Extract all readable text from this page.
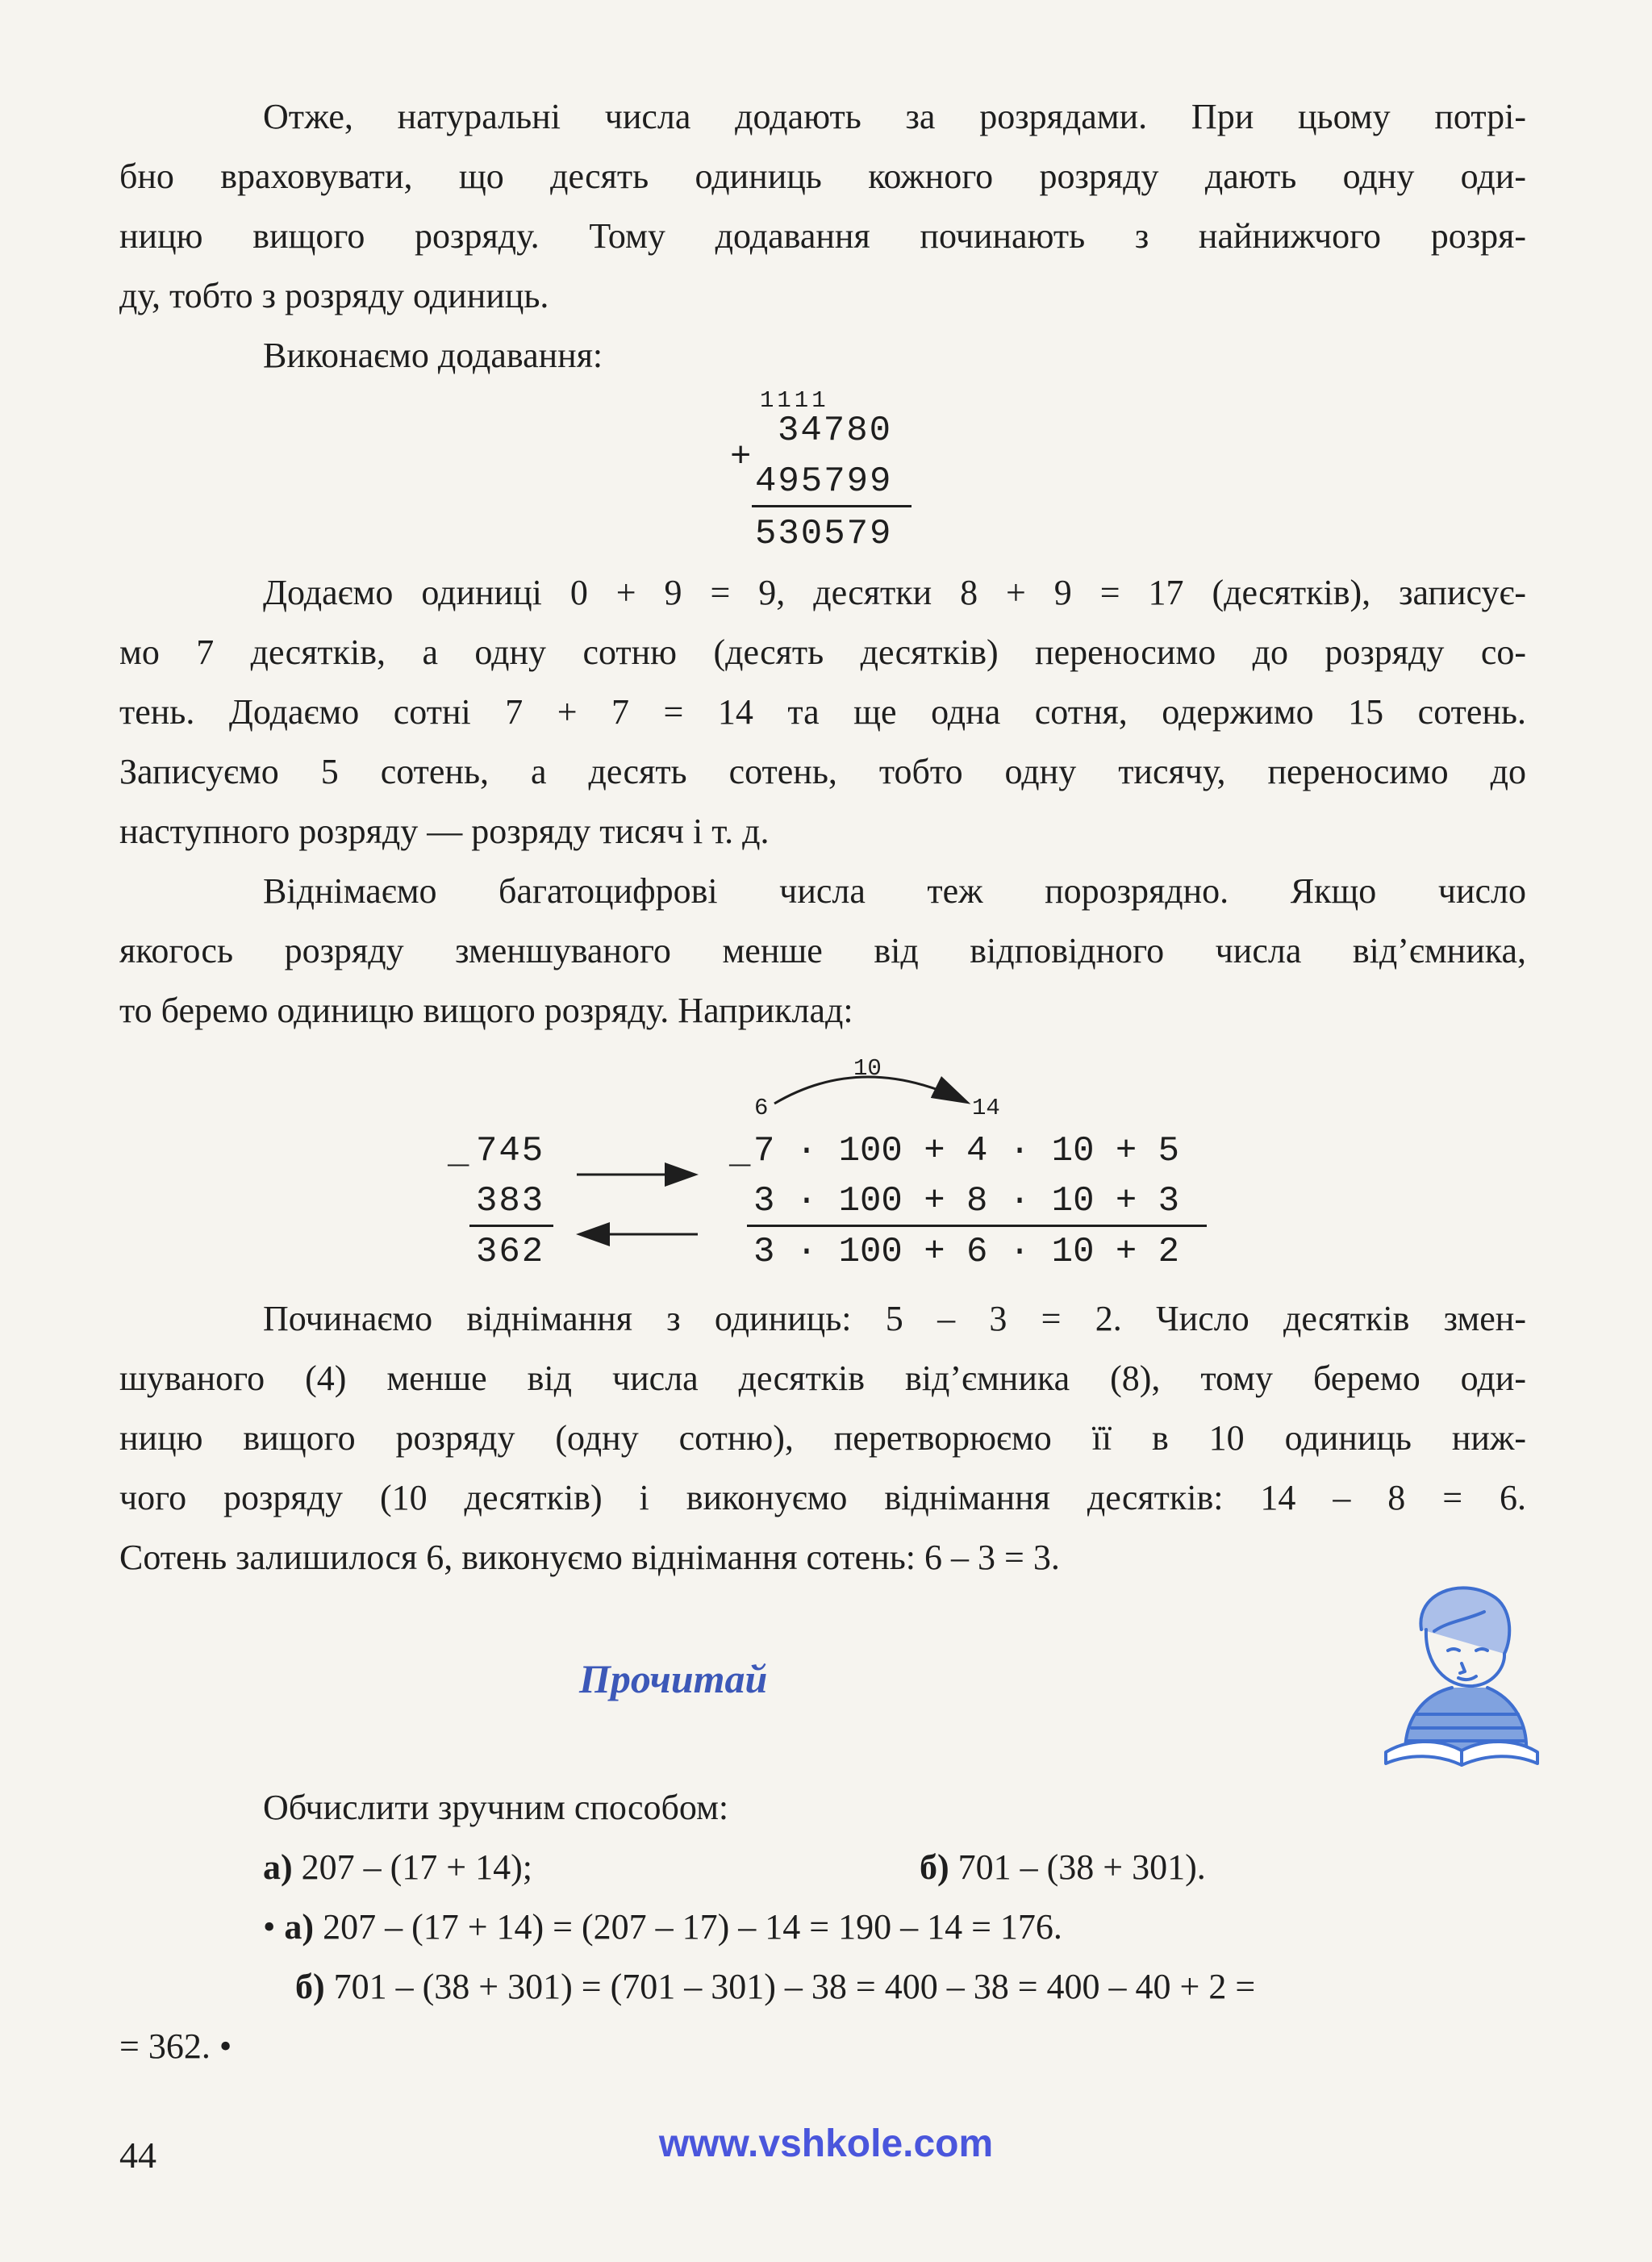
Отже, натуральні числа додають за розрядами. При цьому потрі-
бно враховувати, що десять одиниць кожного розряду дають одну оди-
ницю вищого розряду. Тому додавання починають з найнижчого розря-
ду, тобто з розряду одиниць.
Виконаємо додавання:
1111
+
34780
495799
530579
Додаємо одиниці 0 + 9 = 9, десятки 8 + 9 = 17 (десятків), записує-
мо 7 десятків, а одну сотню (десять десятків) переносимо до розряду со-
тень. Додаємо сотні 7 + 7 = 14 та ще одна сотня, одержимо 15 сотень.
Записуємо 5 сотень, а десять сотень, тобто одну тисячу, переносимо до
наступного розряду — розряду тисяч і т. д.
Віднімаємо багатоцифрові числа теж порозрядно. Якщо число
якогось розряду зменшуваного менше від відповідного числа від’ємника,
то беремо одиницю вищого розряду. Наприклад:
_ 745
383
362
10
6	14
_ 7 · 100 + 4 · 10 + 5
3 · 100 + 8 · 10 + 3
3 · 100 + 6 · 10 + 2
Починаємо віднімання з одиниць: 5 – 3 = 2. Число десятків змен-
шуваного (4) менше від числа десятків від’ємника (8), тому беремо оди-
ницю вищого розряду (одну сотню), перетворюємо її в 10 одиниць ниж-
чого розряду (10 десятків) і виконуємо віднімання десятків: 14 – 8 = 6.
Сотень залишилося 6, виконуємо віднімання сотень: 6 – 3 = 3.
Прочитай
Обчислити зручним способом:
а) 207 – (17 + 14);	б) 701 – (38 + 301).
• а) 207 – (17 + 14) = (207 – 17) – 14 = 190 – 14 = 176.
б) 701 – (38 + 301) = (701 – 301) – 38 = 400 – 38 = 400 – 40 + 2 =
= 362. •
44	www.vshkole.com
